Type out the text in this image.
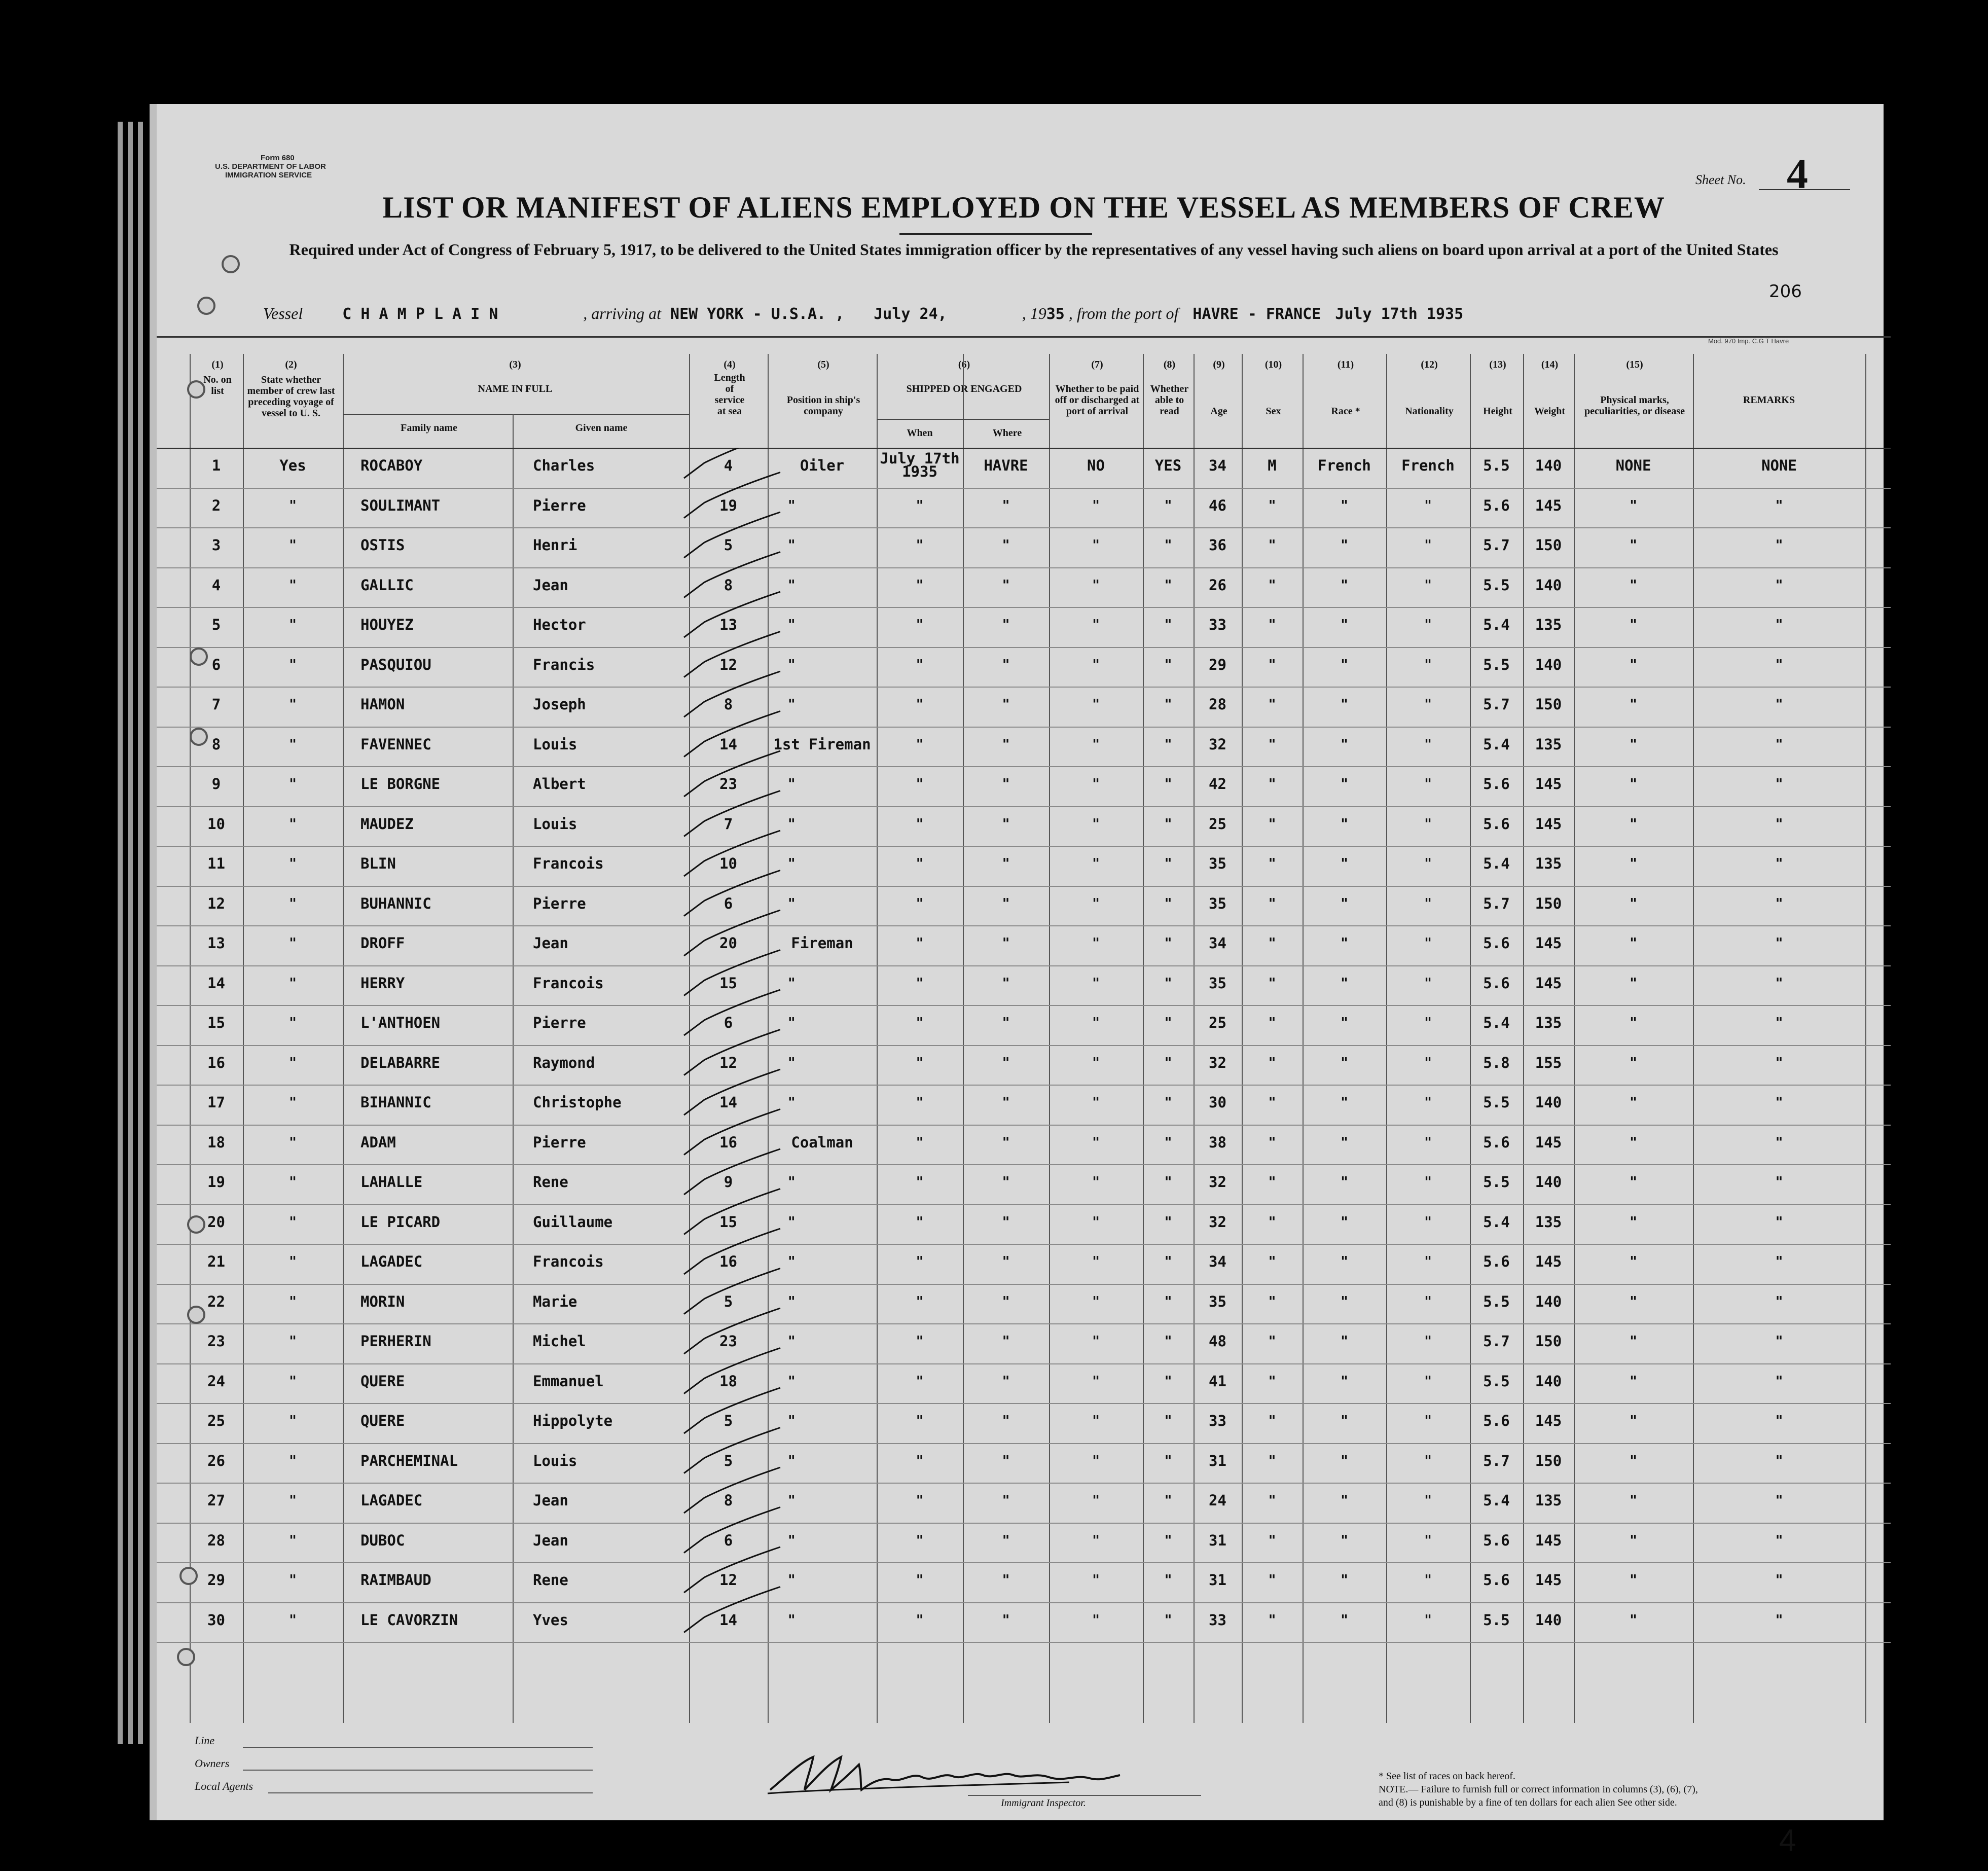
Form 680
U.S. DEPARTMENT OF LABOR
IMMIGRATION SERVICE	Sheet No. 4
LIST OR MANIFEST OF ALIENS EMPLOYED ON THE VESSEL AS MEMBERS OF CREW
Required under Act of Congress of February 5, 1917, to be delivered to the United States immigration officer by the representatives of any vessel having such aliens on board upon arrival at a port of the United States
206
Vessel	C H A M P L A I N	, arriving at NEW YORK - U.S.A. , July 24,	, 1935 , from the port of HAVRE - FRANCE July 17th 1935
Mod. 970 Imp. C.G T Havre
(1)
No. on list
(2)
State whether member of crew last preceding voyage of vessel to U. S.
(3)
NAME IN FULL
Family name	Given name
(4)
Length of service at sea
(5)
Position in ship's company
(6)
SHIPPED OR ENGAGED
When	Where
(7)
Whether to be paid off or discharged at port of arrival
(8)
Whether able to read
(9)
Age
(10)
Sex
(11)
Race *
(12)
Nationality
(13)
Height
(14)
Weight
(15)
Physical marks, peculiarities, or disease
REMARKS
1	Yes	ROCABOY	Charles	4	Oiler	July 17th 1935	HAVRE	NO	YES	34	M	French	French	5.5	140	NONE	NONE
2	"	SOULIMANT	Pierre	19	"	"	"	"	"	46	"	"	"	5.6	145	"	"
3	"	OSTIS	Henri	5	"	"	"	"	"	36	"	"	"	5.7	150	"	"
4	"	GALLIC	Jean	8	"	"	"	"	"	26	"	"	"	5.5	140	"	"
5	"	HOUYEZ	Hector	13	"	"	"	"	"	33	"	"	"	5.4	135	"	"
6	"	PASQUIOU	Francis	12	"	"	"	"	"	29	"	"	"	5.5	140	"	"
7	"	HAMON	Joseph	8	"	"	"	"	"	28	"	"	"	5.7	150	"	"
8	"	FAVENNEC	Louis	14	1st Fireman	"	"	"	"	32	"	"	"	5.4	135	"	"
9	"	LE BORGNE	Albert	23	"	"	"	"	"	42	"	"	"	5.6	145	"	"
10	"	MAUDEZ	Louis	7	"	"	"	"	"	25	"	"	"	5.6	145	"	"
11	"	BLIN	Francois	10	"	"	"	"	"	35	"	"	"	5.4	135	"	"
12	"	BUHANNIC	Pierre	6	"	"	"	"	"	35	"	"	"	5.7	150	"	"
13	"	DROFF	Jean	20	Fireman	"	"	"	"	34	"	"	"	5.6	145	"	"
14	"	HERRY	Francois	15	"	"	"	"	"	35	"	"	"	5.6	145	"	"
15	"	L'ANTHOEN	Pierre	6	"	"	"	"	"	25	"	"	"	5.4	135	"	"
16	"	DELABARRE	Raymond	12	"	"	"	"	"	32	"	"	"	5.8	155	"	"
17	"	BIHANNIC	Christophe	14	"	"	"	"	"	30	"	"	"	5.5	140	"	"
18	"	ADAM	Pierre	16	Coalman	"	"	"	"	38	"	"	"	5.6	145	"	"
19	"	LAHALLE	Rene	9	"	"	"	"	"	32	"	"	"	5.5	140	"	"
20	"	LE PICARD	Guillaume	15	"	"	"	"	"	32	"	"	"	5.4	135	"	"
21	"	LAGADEC	Francois	16	"	"	"	"	"	34	"	"	"	5.6	145	"	"
22	"	MORIN	Marie	5	"	"	"	"	"	35	"	"	"	5.5	140	"	"
23	"	PERHERIN	Michel	23	"	"	"	"	"	48	"	"	"	5.7	150	"	"
24	"	QUERE	Emmanuel	18	"	"	"	"	"	41	"	"	"	5.5	140	"	"
25	"	QUERE	Hippolyte	5	"	"	"	"	"	33	"	"	"	5.6	145	"	"
26	"	PARCHEMINAL	Louis	5	"	"	"	"	"	31	"	"	"	5.7	150	"	"
27	"	LAGADEC	Jean	8	"	"	"	"	"	24	"	"	"	5.4	135	"	"
28	"	DUBOC	Jean	6	"	"	"	"	"	31	"	"	"	5.6	145	"	"
29	"	RAIMBAUD	Rene	12	"	"	"	"	"	31	"	"	"	5.6	145	"	"
30	"	LE CAVORZIN	Yves	14	"	"	"	"	"	33	"	"	"	5.5	140	"	"
Line
Owners
Local Agents
Immigrant Inspector.
* See list of races on back hereof.
NOTE.— Failure to furnish full or correct information in columns (3), (6), (7), and (8) is punishable by a fine of ten dollars for each alien See other side.
4
